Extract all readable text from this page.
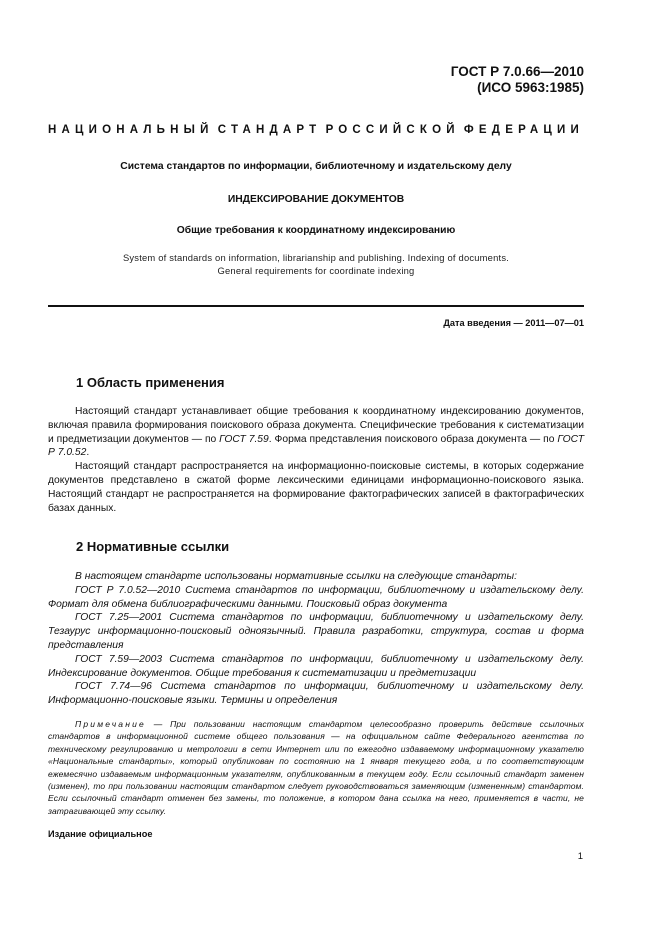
ГОСТ Р 7.0.66—2010
(ИСО 5963:1985)
НАЦИОНАЛЬНЫЙ СТАНДАРТ РОССИЙСКОЙ ФЕДЕРАЦИИ
Система стандартов по информации, библиотечному и издательскому делу
ИНДЕКСИРОВАНИЕ ДОКУМЕНТОВ
Общие требования к координатному индексированию
System of standards on information, librarianship and publishing. Indexing of documents.
General requirements for coordinate indexing
Дата введения — 2011—07—01
1 Область применения

Настоящий стандарт устанавливает общие требования к координатному индексированию документов, включая правила формирования поискового образа документа. Специфические требования к систематизации и предметизации документов — по ГОСТ 7.59. Форма представления поискового образа документа — по ГОСТ Р 7.0.52.

Настоящий стандарт распространяется на информационно-поисковые системы, в которых содержание документов представлено в сжатой форме лексическими единицами информационно-поискового языка. Настоящий стандарт не распространяется на формирование фактографических записей в фактографических базах данных.

2 Нормативные ссылки

В настоящем стандарте использованы нормативные ссылки на следующие стандарты:

ГОСТ Р 7.0.52—2010 Система стандартов по информации, библиотечному и издательскому делу. Формат для обмена библиографическими данными. Поисковый образ документа

ГОСТ 7.25—2001 Система стандартов по информации, библиотечному и издательскому делу. Тезаурус информационно-поисковый одноязычный. Правила разработки, структура, состав и форма представления

ГОСТ 7.59—2003 Система стандартов по информации, библиотечному и издательскому делу. Индексирование документов. Общие требования к систематизации и предметизации

ГОСТ 7.74—96 Система стандартов по информации, библиотечному и издательскому делу. Информационно-поисковые языки. Термины и определения

Примечание — При пользовании настоящим стандартом целесообразно проверить действие ссылочных стандартов в информационной системе общего пользования — на официальном сайте Федерального агентства по техническому регулированию и метрологии в сети Интернет или по ежегодно издаваемому информационному указателю «Национальные стандарты», который опубликован по состоянию на 1 января текущего года, и по соответствующим ежемесячно издаваемым информационным указателям, опубликованным в текущем году. Если ссылочный стандарт заменен (изменен), то при пользовании настоящим стандартом следует руководствоваться заменяющим (измененным) стандартом. Если ссылочный стандарт отменен без замены, то положение, в котором дана ссылка на него, применяется в части, не затрагивающей эту ссылку.
Издание официальное
1
